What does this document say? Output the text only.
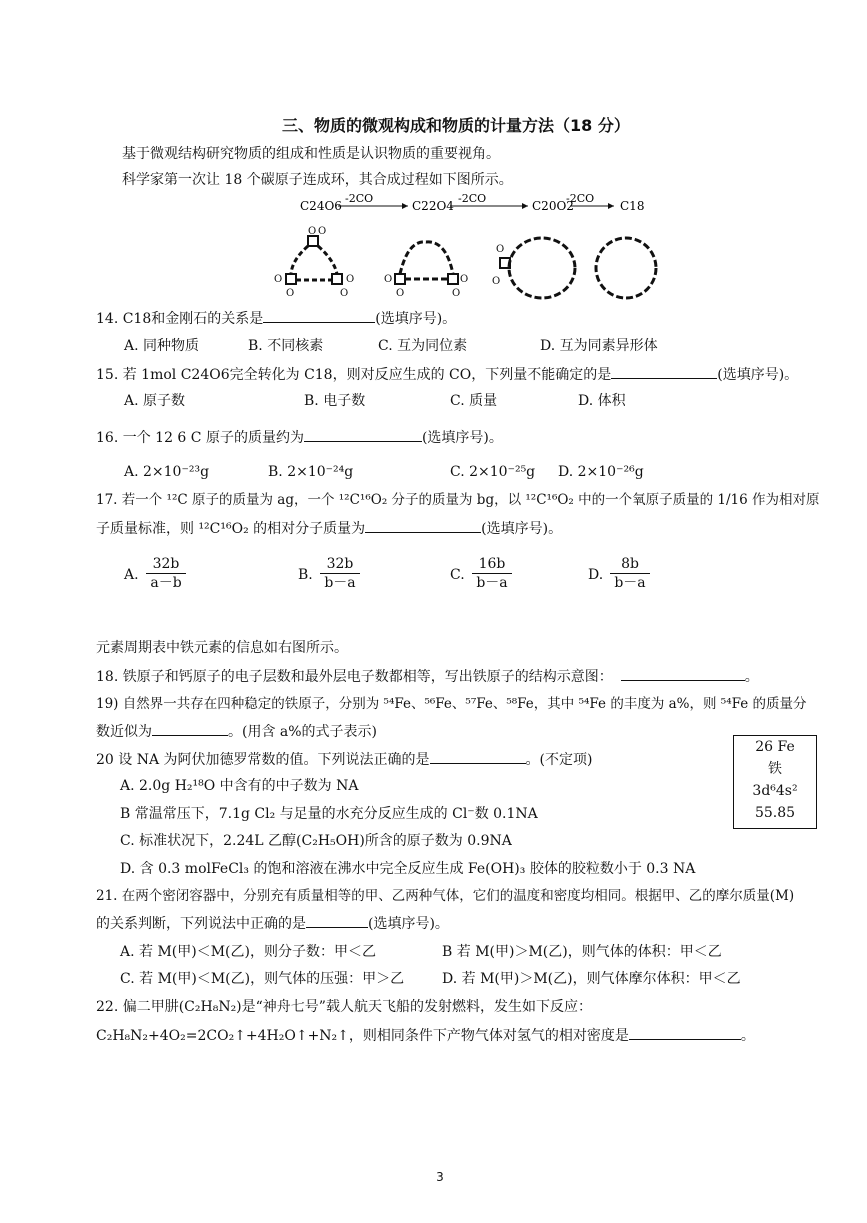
三、物质的微观构成和物质的计量方法（18 分）
基于微观结构研究物质的组成和性质是认识物质的重要视角。
科学家第一次让 18 个碳原子连成环，其合成过程如下图所示。
C24O6
-2CO
C22O4
-2CO
C20O2
-2CO
C18
O O
O
O
O
O
O
O
O
O
O
O
14. C18和金刚石的关系是	(选填序号)。
A. 同种物质	B. 不同核素	C. 互为同位素	D. 互为同素异形体
15. 若 1mol C24O6完全转化为 C18，则对反应生成的 CO，下列量不能确定的是	(选填序号)。
A. 原子数	B. 电子数	C. 质量	D. 体积
16. 一个 12 6 C 原子的质量约为	(选填序号)。
A. 2×10⁻²³g	B. 2×10⁻²⁴g	C. 2×10⁻²⁵g D. 2×10⁻²⁶g
17. 若一个 ¹²C 原子的质量为 ag，一个 ¹²C¹⁶O₂ 分子的质量为 bg，以 ¹²C¹⁶O₂ 中的一个氧原子质量的 1/16 作为相对原
子质量标准，则 ¹²C¹⁶O₂ 的相对分子质量为	(选填序号)。
A. $\frac{32b}{a-b}$	B. $\frac{32b}{b-a}$	C. $\frac{16b}{b-a}$	D. $\frac{8b}{b-a}$
元素周期表中铁元素的信息如右图所示。
18. 铁原子和钙原子的电子层数和最外层电子数都相等，写出铁原子的结构示意图：	。
19) 自然界一共存在四种稳定的铁原子，分别为 ⁵⁴Fe、⁵⁶Fe、⁵⁷Fe、⁵⁸Fe，其中 ⁵⁴Fe 的丰度为 a%，则 ⁵⁴Fe 的质量分
数近似为	。(用含 a%的式子表示)
20 设 NA 为阿伏加德罗常数的值。下列说法正确的是	。(不定项)
A. 2.0g H₂¹⁸O 中含有的中子数为 NA
B 常温常压下，7.1g Cl₂ 与足量的水充分反应生成的 Cl⁻数 0.1NA
C. 标准状况下，2.24L 乙醇(C₂H₅OH)所含的原子数为 0.9NA
D. 含 0.3 molFeCl₃ 的饱和溶液在沸水中完全反应生成 Fe(OH)₃ 胶体的胶粒数小于 0.3 NA
26 Fe
铁
3d⁶4s²
55.85
21. 在两个密闭容器中，分别充有质量相等的甲、乙两种气体，它们的温度和密度均相同。根据甲、乙的摩尔质量(M)
的关系判断，下列说法中正确的是	(选填序号)。
A. 若 M(甲)＜M(乙)，则分子数：甲＜乙	B 若 M(甲)＞M(乙)，则气体的体积：甲＜乙
C. 若 M(甲)＜M(乙)，则气体的压强：甲＞乙	D. 若 M(甲)＞M(乙)，则气体摩尔体积：甲＜乙
22. 偏二甲肼(C₂H₈N₂)是“神舟七号”载人航天飞船的发射燃料，发生如下反应：
C₂H₈N₂+4O₂=2CO₂↑+4H₂O↑+N₂↑，则相同条件下产物气体对氢气的相对密度是	。
3
